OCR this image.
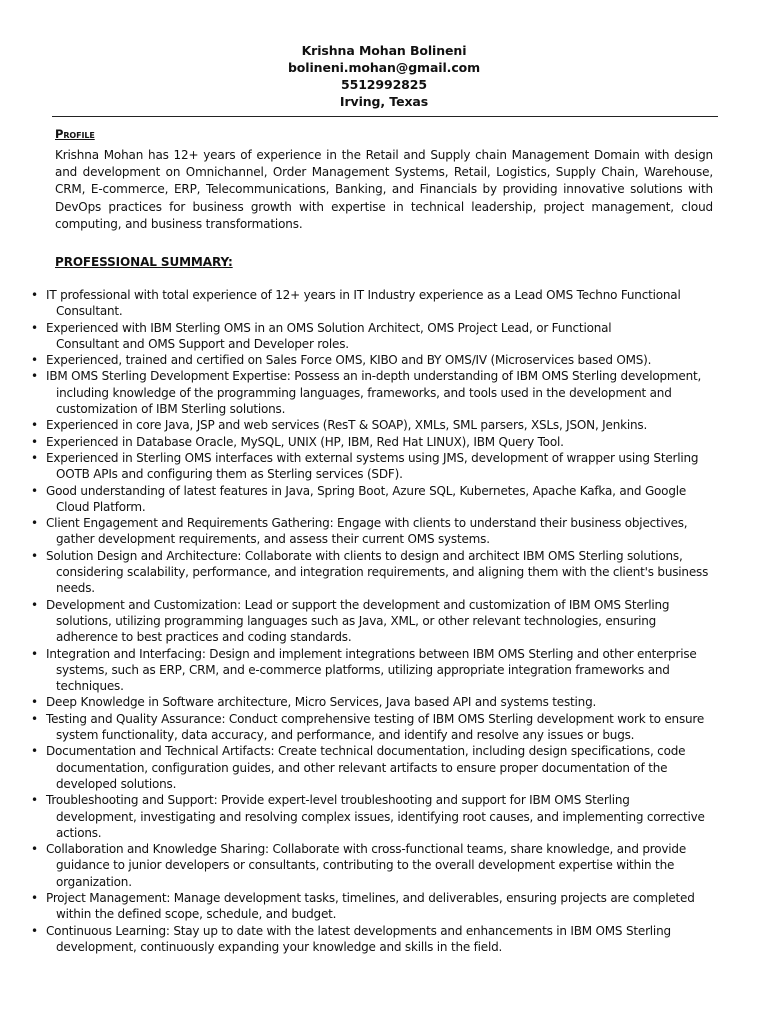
Krishna Mohan Bolineni
bolineni.mohan@gmail.com
5512992825
Irving, Texas
Profile
Krishna Mohan has 12+ years of experience in the Retail and Supply chain Management Domain with design and development on Omnichannel, Order Management Systems, Retail, Logistics, Supply Chain, Warehouse, CRM, E-commerce, ERP, Telecommunications, Banking, and Financials by providing innovative solutions with DevOps practices for business growth with expertise in technical leadership, project management, cloud computing, and business transformations.
PROFESSIONAL SUMMARY:
• IT professional with total experience of 12+ years in IT Industry experience as a Lead OMS Techno Functional
Consultant.
• Experienced with IBM Sterling OMS in an OMS Solution Architect, OMS Project Lead, or Functional
Consultant and OMS Support and Developer roles.
• Experienced, trained and certified on Sales Force OMS, KIBO and BY OMS/IV (Microservices based OMS).
• IBM OMS Sterling Development Expertise: Possess an in-depth understanding of IBM OMS Sterling development,
including knowledge of the programming languages, frameworks, and tools used in the development and
customization of IBM Sterling solutions.
• Experienced in core Java, JSP and web services (ResT & SOAP), XMLs, SML parsers, XSLs, JSON, Jenkins.
• Experienced in Database Oracle, MySQL, UNIX (HP, IBM, Red Hat LINUX), IBM Query Tool.
• Experienced in Sterling OMS interfaces with external systems using JMS, development of wrapper using Sterling
OOTB APIs and configuring them as Sterling services (SDF).
• Good understanding of latest features in Java, Spring Boot, Azure SQL, Kubernetes, Apache Kafka, and Google
Cloud Platform.
• Client Engagement and Requirements Gathering: Engage with clients to understand their business objectives,
gather development requirements, and assess their current OMS systems.
• Solution Design and Architecture: Collaborate with clients to design and architect IBM OMS Sterling solutions,
considering scalability, performance, and integration requirements, and aligning them with the client's business
needs.
• Development and Customization: Lead or support the development and customization of IBM OMS Sterling
solutions, utilizing programming languages such as Java, XML, or other relevant technologies, ensuring
adherence to best practices and coding standards.
• Integration and Interfacing: Design and implement integrations between IBM OMS Sterling and other enterprise
systems, such as ERP, CRM, and e-commerce platforms, utilizing appropriate integration frameworks and
techniques.
• Deep Knowledge in Software architecture, Micro Services, Java based API and systems testing.
• Testing and Quality Assurance: Conduct comprehensive testing of IBM OMS Sterling development work to ensure
system functionality, data accuracy, and performance, and identify and resolve any issues or bugs.
• Documentation and Technical Artifacts: Create technical documentation, including design specifications, code
documentation, configuration guides, and other relevant artifacts to ensure proper documentation of the
developed solutions.
• Troubleshooting and Support: Provide expert-level troubleshooting and support for IBM OMS Sterling
development, investigating and resolving complex issues, identifying root causes, and implementing corrective
actions.
• Collaboration and Knowledge Sharing: Collaborate with cross-functional teams, share knowledge, and provide
guidance to junior developers or consultants, contributing to the overall development expertise within the
organization.
• Project Management: Manage development tasks, timelines, and deliverables, ensuring projects are completed
within the defined scope, schedule, and budget.
• Continuous Learning: Stay up to date with the latest developments and enhancements in IBM OMS Sterling
development, continuously expanding your knowledge and skills in the field.
